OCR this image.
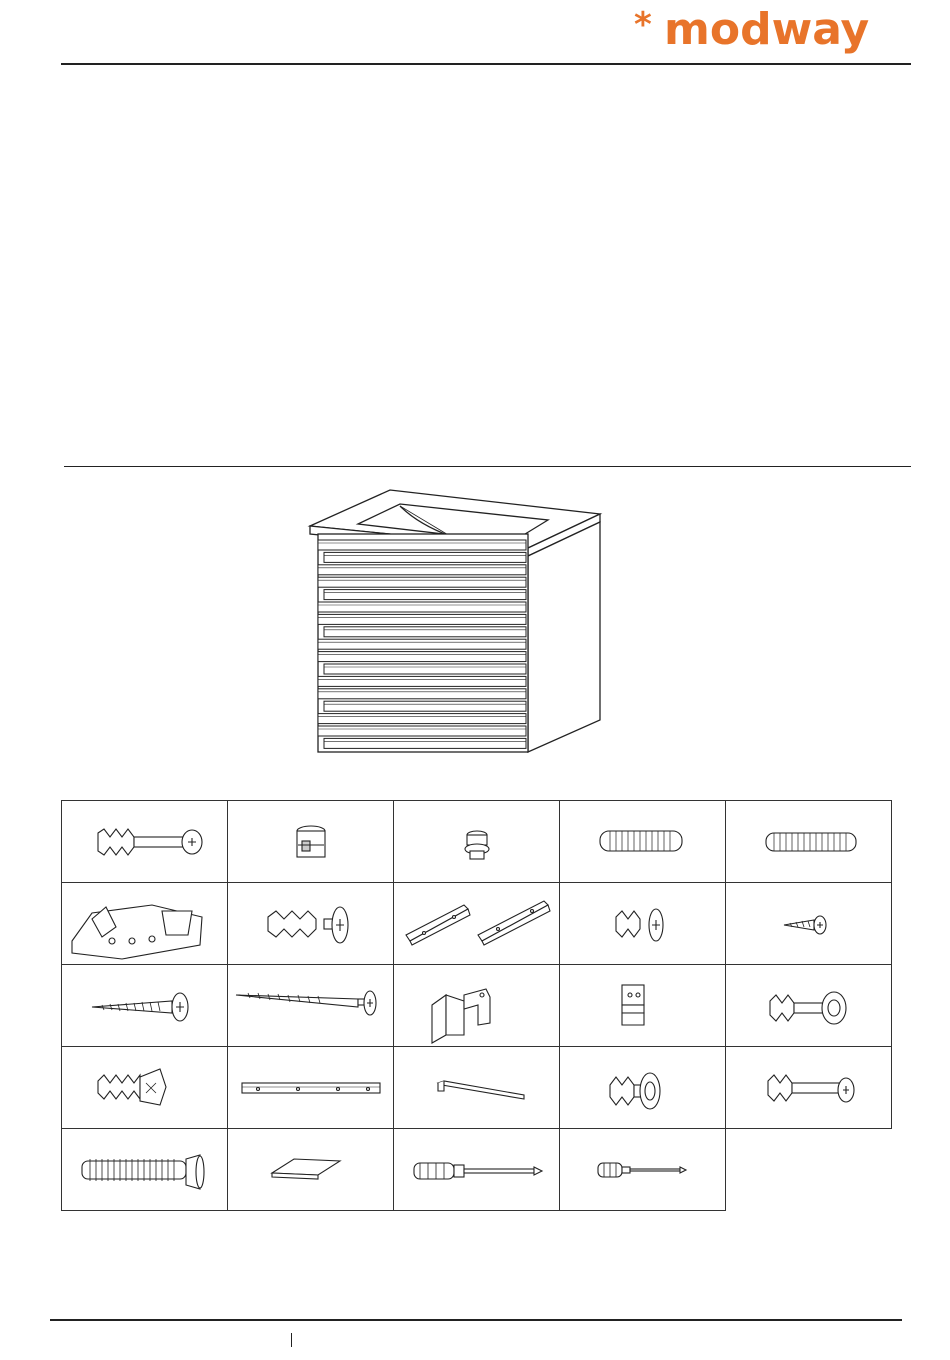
* modway
